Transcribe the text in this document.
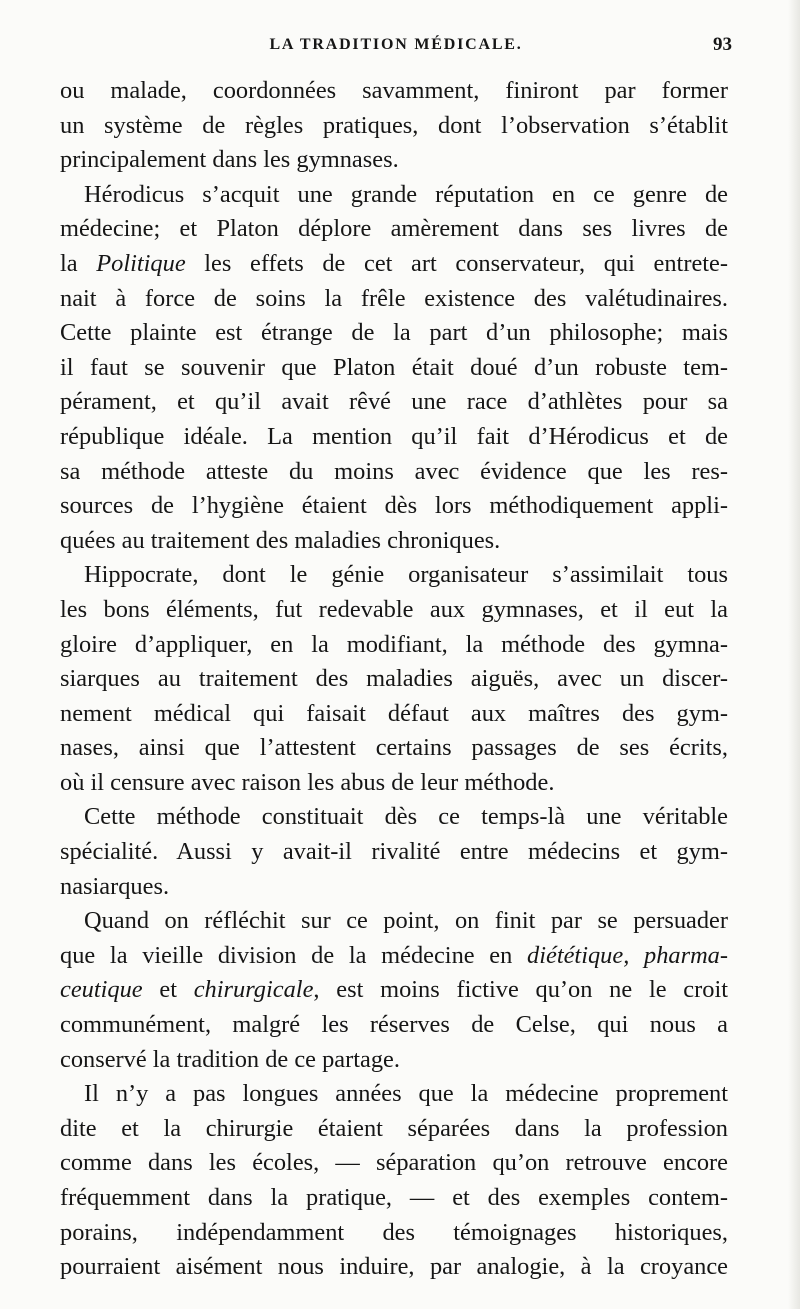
LA TRADITION MÉDICALE.	93
ou malade, coordonnées savamment, finiront par former
un système de règles pratiques, dont l’observation s’établit
principalement dans les gymnases.
Hérodicus s’acquit une grande réputation en ce genre de
médecine; et Platon déplore amèrement dans ses livres de
la Politique les effets de cet art conservateur, qui entrete-
nait à force de soins la frêle existence des valétudinaires.
Cette plainte est étrange de la part d’un philosophe; mais
il faut se souvenir que Platon était doué d’un robuste tem-
pérament, et qu’il avait rêvé une race d’athlètes pour sa
république idéale. La mention qu’il fait d’Hérodicus et de
sa méthode atteste du moins avec évidence que les res-
sources de l’hygiène étaient dès lors méthodiquement appli-
quées au traitement des maladies chroniques.
Hippocrate, dont le génie organisateur s’assimilait tous
les bons éléments, fut redevable aux gymnases, et il eut la
gloire d’appliquer, en la modifiant, la méthode des gymna-
siarques au traitement des maladies aiguës, avec un discer-
nement médical qui faisait défaut aux maîtres des gym-
nases, ainsi que l’attestent certains passages de ses écrits,
où il censure avec raison les abus de leur méthode.
Cette méthode constituait dès ce temps-là une véritable
spécialité. Aussi y avait-il rivalité entre médecins et gym-
nasiarques.
Quand on réfléchit sur ce point, on finit par se persuader
que la vieille division de la médecine en diététique, pharma-
ceutique et chirurgicale, est moins fictive qu’on ne le croit
communément, malgré les réserves de Celse, qui nous a
conservé la tradition de ce partage.
Il n’y a pas longues années que la médecine proprement
dite et la chirurgie étaient séparées dans la profession
comme dans les écoles, — séparation qu’on retrouve encore
fréquemment dans la pratique, — et des exemples contem-
porains, indépendamment des témoignages historiques,
pourraient aisément nous induire, par analogie, à la croyance
